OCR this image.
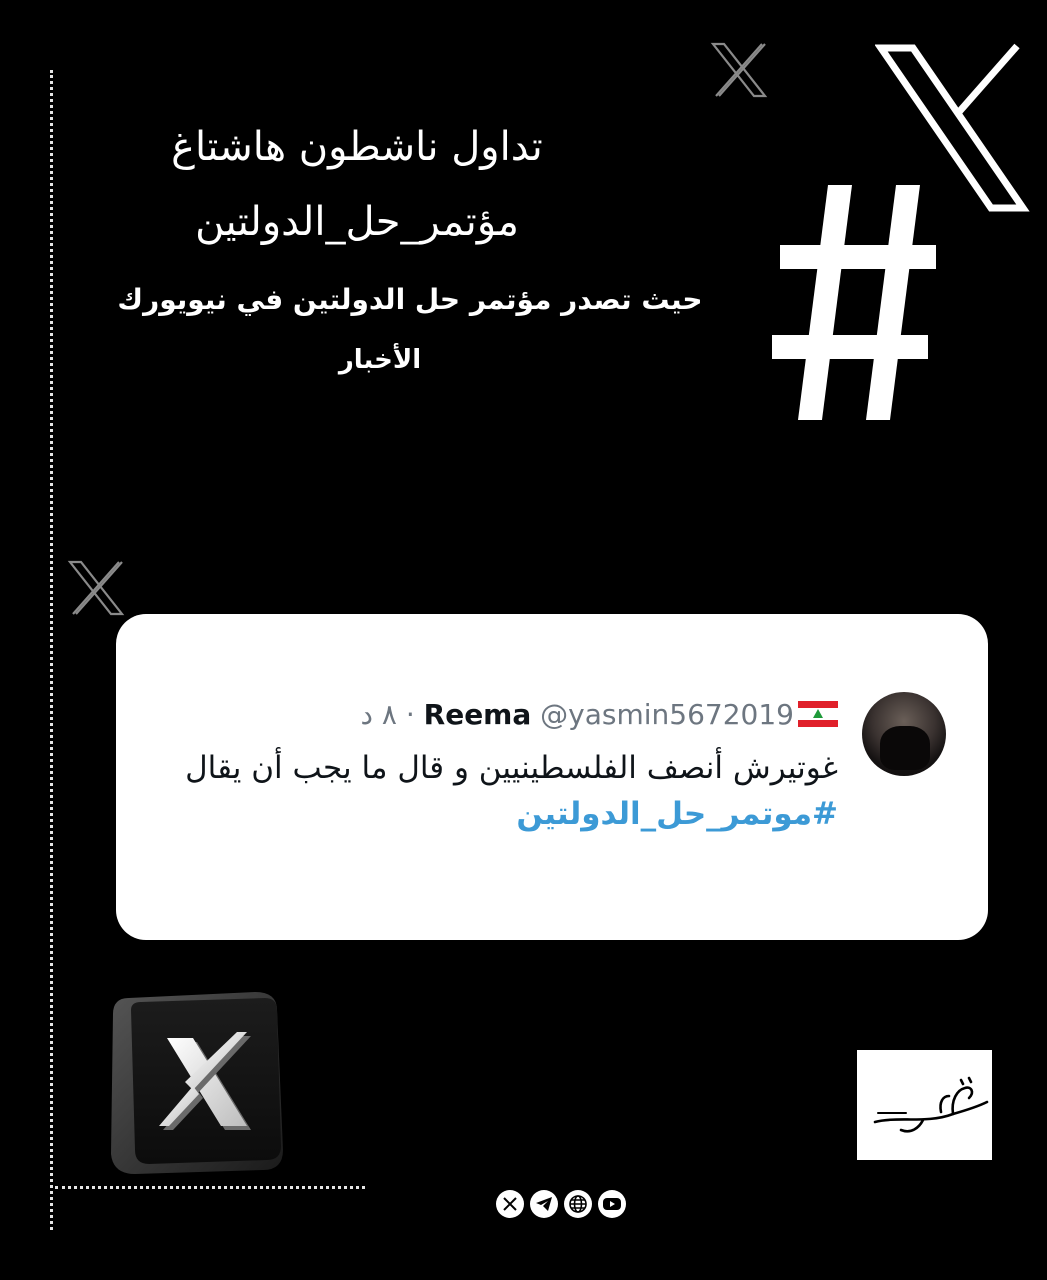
تداول ناشطون هاشتاغ
مؤتمر_حل_الدولتين
حيث تصدر مؤتمر حل الدولتين في نيويورك
الأخبار
Reema @yasmin5672019 · ٨ د
غوتيرش أنصف الفلسطينيين و قال ما يجب أن يقال
#موتمر_حل_الدولتين
